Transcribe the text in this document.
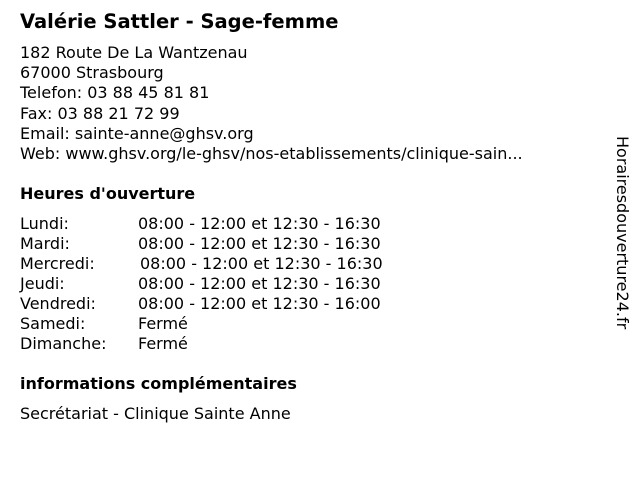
Valérie Sattler - Sage-femme
182 Route De La Wantzenau
67000 Strasbourg
Telefon: 03 88 45 81 81
Fax: 03 88 21 72 99
Email: sainte-anne@ghsv.org
Web: www.ghsv.org/le-ghsv/nos-etablissements/clinique-sain...
Heures d'ouverture
Lundi:	08:00 - 12:00 et 12:30 - 16:30
Mardi:	08:00 - 12:00 et 12:30 - 16:30
Mercredi:	08:00 - 12:00 et 12:30 - 16:30
Jeudi:	08:00 - 12:00 et 12:30 - 16:30
Vendredi:	08:00 - 12:00 et 12:30 - 16:00
Samedi:	Fermé
Dimanche: Fermé
informations complémentaires
Secrétariat - Clinique Sainte Anne
Horairesdouverture24.fr
